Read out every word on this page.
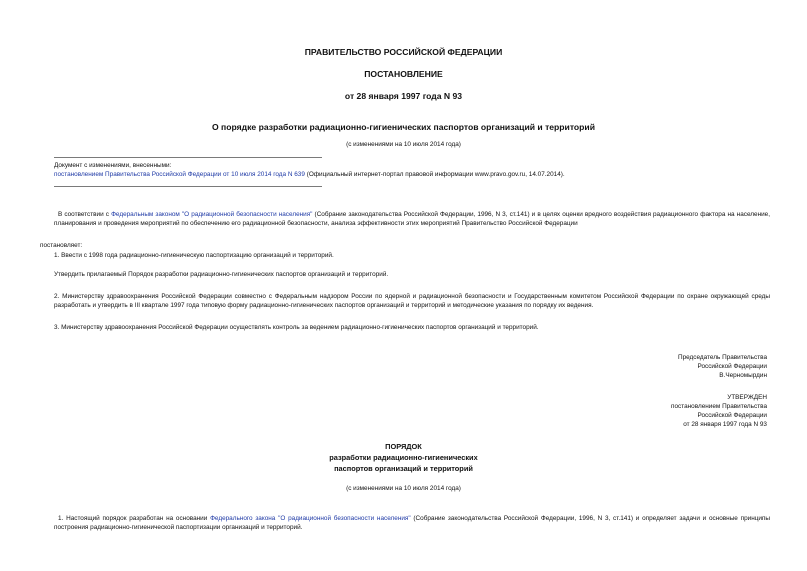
ПРАВИТЕЛЬСТВО РОССИЙСКОЙ ФЕДЕРАЦИИ
ПОСТАНОВЛЕНИЕ
от 28 января 1997 года N 93
О порядке разработки радиационно-гигиенических паспортов организаций и территорий
(с изменениями на 10 июля 2014 года)
Документ с изменениями, внесенными:
постановлением Правительства Российской Федерации от 10 июля 2014 года N 639 (Официальный интернет-портал правовой информации www.pravo.gov.ru, 14.07.2014).
В соответствии с Федеральным законом "О радиационной безопасности населения" (Собрание законодательства Российской Федерации, 1996, N 3, ст.141) и в целях оценки вредного воздействия радиационного фактора на население, планирования и проведения мероприятий по обеспечению его радиационной безопасности, анализа эффективности этих мероприятий Правительство Российской Федерации
постановляет:
1. Ввести с 1998 года радиационно-гигиеническую паспортизацию организаций и территорий.
Утвердить прилагаемый Порядок разработки радиационно-гигиенических паспортов организаций и территорий.
2. Министерству здравоохранения Российской Федерации совместно с Федеральным надзором России по ядерной и радиационной безопасности и Государственным комитетом Российской Федерации по охране окружающей среды разработать и утвердить в III квартале 1997 года типовую форму радиационно-гигиенических паспортов организаций и территорий и методические указания по порядку их ведения.
3. Министерству здравоохранения Российской Федерации осуществлять контроль за ведением радиационно-гигиенических паспортов организаций и территорий.
Председатель Правительства
Российской Федерации
В.Черномырдин
УТВЕРЖДЕН
постановлением Правительства
Российской Федерации
от 28 января 1997 года N 93
ПОРЯДОК
разработки радиационно-гигиенических
паспортов организаций и территорий
(с изменениями на 10 июля 2014 года)
1. Настоящий порядок разработан на основании Федерального закона "О радиационной безопасности населения" (Собрание законодательства Российской Федерации, 1996, N 3, ст.141) и определяет задачи и основные принципы построения радиационно-гигиенической паспортизации организаций и территорий.
